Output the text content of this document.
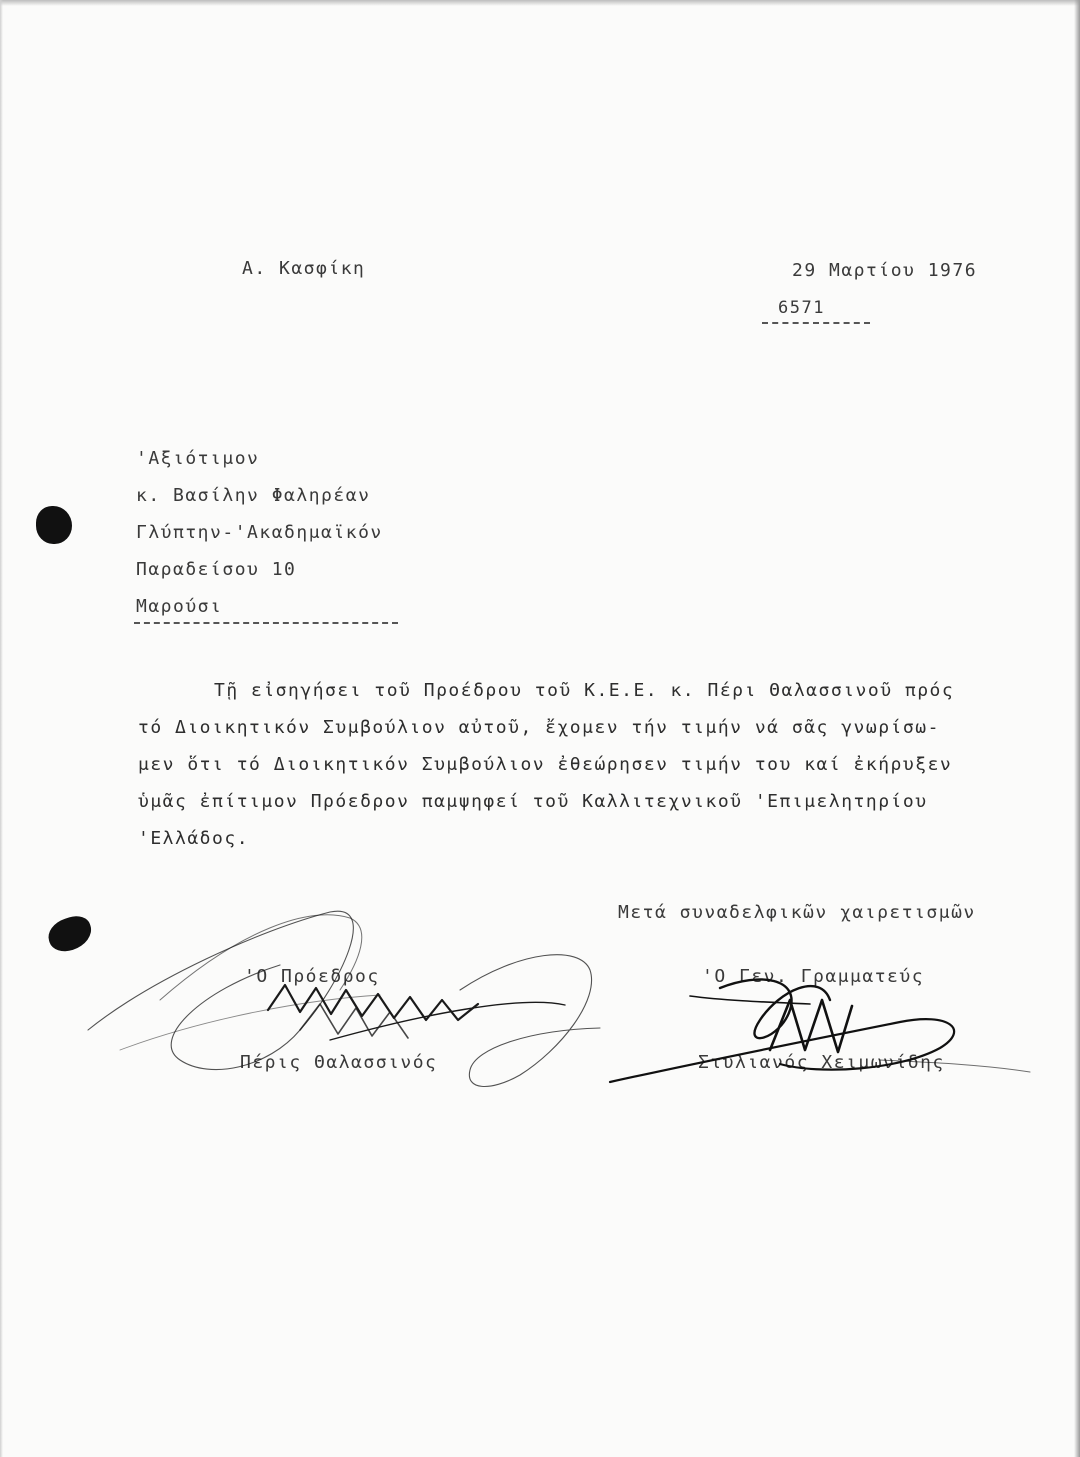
Α. Κασφίκη	29 Μαρτίου 1976
6571
'Αξιότιμον
κ. Βασίλην Φαληρέαν
Γλύπτην-'Ακαδημαϊκόν
Παραδείσου 10
Μαρούσι
Τῇ εἰσηγήσει τοῦ Προέδρου τοῦ Κ.Ε.Ε. κ. Πέρι Θαλασσινοῦ πρός
τό Διοικητικόν Συμβούλιον αὐτοῦ, ἔχομεν τήν τιμήν νά σᾶς γνωρίσω-
μεν ὅτι τό Διοικητικόν Συμβούλιον ἐθεώρησεν τιμήν του καί ἐκήρυξεν
ὑμᾶς ἐπίτιμον Πρόεδρον παμψηφεί τοῦ Καλλιτεχνικοῦ 'Επιμελητηρίου
'Ελλάδος.
Μετά συναδελφικῶν χαιρετισμῶν
'Ο Πρόεδρος
Πέρις Θαλασσινός
'Ο Γεν. Γραμματεύς
Στυλιανός Χειμωνίδης
